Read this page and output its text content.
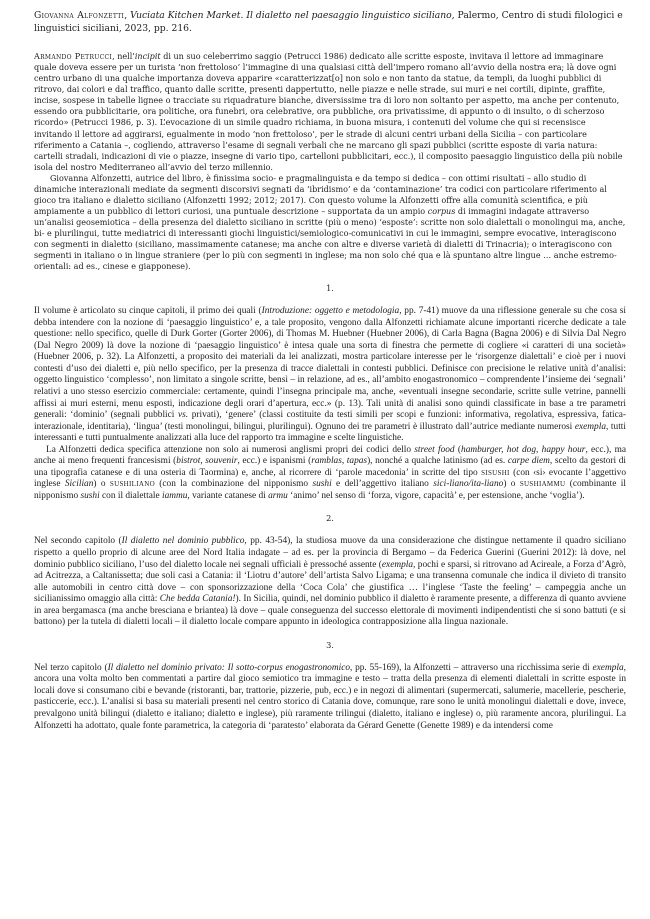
Giovanna Alfonzetti, Vuciata Kitchen Market. Il dialetto nel paesaggio linguistico siciliano, Palermo, Centro di studi filologici e linguistici siciliani, 2023, pp. 216.

Armando Petrucci, nell’incipit di un suo celeberrimo saggio (Petrucci 1986) dedicato alle scritte esposte, invitava il lettore ad immaginare quale doveva essere per un turista ‘non frettoloso’ l’immagine di una qualsiasi città dell’impero romano all’avvio della nostra era; là dove ogni centro urbano di una qualche importanza doveva apparire «caratterizzat[o] non solo e non tanto da statue, da templi, da luoghi pubblici di ritrovo, dai colori e dal traffico, quanto dalle scritte, presenti dappertutto, nelle piazze e nelle strade, sui muri e nei cortili, dipinte, graffite, incise, sospese in tabelle lignee o tracciate su riquadrature bianche, diversissime tra di loro non soltanto per aspetto, ma anche per contenuto, essendo ora pubblicitarie, ora politiche, ora funebri, ora celebrative, ora pubbliche, ora privatissime, di appunto o di insulto, o di scherzoso ricordo» (Petrucci 1986, p. 3). L’evocazione di un simile quadro richiama, in buona misura, i contenuti del volume che qui si recensisce invitando il lettore ad aggirarsi, egualmente in modo ‘non frettoloso’, per le strade di alcuni centri urbani della Sicilia – con particolare riferimento a Catania –, cogliendo, attraverso l’esame di segnali verbali che ne marcano gli spazi pubblici (scritte esposte di varia natura: cartelli stradali, indicazioni di vie o piazze, insegne di vario tipo, cartelloni pubblicitari, ecc.), il composito paesaggio linguistico della più nobile isola del nostro Mediterraneo all’avvio del terzo millennio.

Giovanna Alfonzetti, autrice del libro, è finissima socio- e pragmalinguista e da tempo si dedica – con ottimi risultati – allo studio di dinamiche interazionali mediate da segmenti discorsivi segnati da ‘ibridismo’ e da ‘contaminazione’ tra codici con particolare riferimento al gioco tra italiano e dialetto siciliano (Alfonzetti 1992; 2012; 2017). Con questo volume la Alfonzetti offre alla comunità scientifica, e più ampiamente a un pubblico di lettori curiosi, una puntuale descrizione – supportata da un ampio corpus di immagini indagate attraverso un’analisi geosemiotica – della presenza del dialetto siciliano in scritte (più o meno) ‘esposte’: scritte non solo dialettali o monolingui ma, anche, bi- e plurilingui, tutte mediatrici di interessanti giochi linguistici/semiologico-comunicativi in cui le immagini, sempre evocative, interagiscono con segmenti in dialetto (siciliano, massimamente catanese; ma anche con altre e diverse varietà di dialetti di Trinacria); o interagiscono con segmenti in italiano o in lingue straniere (per lo più con segmenti in inglese; ma non solo ché qua e là spuntano altre lingue … anche estremo-orientali: ad es., cinese e giapponese).

1.

Il volume è articolato su cinque capitoli, il primo dei quali (Introduzione: oggetto e metodologia, pp. 7-41) muove da una riflessione generale su che cosa si debba intendere con la nozione di ‘paesaggio linguistico’ e, a tale proposito, vengono dalla Alfonzetti richiamate alcune importanti ricerche dedicate a tale questione: nello specifico, quelle di Durk Gorter (Gorter 2006), di Thomas M. Huebner (Huebner 2006), di Carla Bagna (Bagna 2006) e di Silvia Dal Negro (Dal Negro 2009) là dove la nozione di ‘paesaggio linguistico’ è intesa quale una sorta di finestra che permette di cogliere «i caratteri di una società» (Huebner 2006, p. 32). La Alfonzetti, a proposito dei materiali da lei analizzati, mostra particolare interesse per le ‘risorgenze dialettali’ e cioè per i nuovi contesti d’uso dei dialetti e, più nello specifico, per la presenza di tracce dialettali in contesti pubblici. Definisce con precisione le relative unità d’analisi: oggetto linguistico ‘complesso’, non limitato a singole scritte, bensì – in relazione, ad es., all’ambito enogastronomico – comprendente l’insieme dei ‘segnali’ relativi a uno stesso esercizio commerciale: certamente, quindi l’insegna principale ma, anche, «eventuali insegne secondarie, scritte sulle vetrine, pannelli affissi ai muri esterni, menu esposti, indicazione degli orari d’apertura, ecc.» (p. 13). Tali unità di analisi sono quindi classificate in base a tre parametri generali: ‘dominio’ (segnali pubblici vs. privati), ‘genere’ (classi costituite da testi simili per scopi e funzioni: informativa, regolativa, espressiva, fatica-interazionale, identitaria), ‘lingua’ (testi monolingui, bilingui, plurilingui). Ognuno dei tre parametri è illustrato dall’autrice mediante numerosi exempla, tutti interessanti e tutti puntualmente analizzati alla luce del rapporto tra immagine e scelte linguistiche.

La Alfonzetti dedica specifica attenzione non solo ai numerosi anglismi propri dei codici dello street food (hamburger, hot dog, happy hour, ecc.), ma anche ai meno frequenti francesismi (bistrot, souvenir, ecc.) e ispanismi (ramblas, tapas), nonché a qualche latinismo (ad es. carpe diem, scelto da gestori di una tipografia catanese e di una osteria di Taormina) e, anche, al ricorrere di ‘parole macedonia’ in scritte del tipo sisushi (con ‹si› evocante l’aggettivo inglese Sicilian) o sushiliano (con la combinazione del nipponismo sushi e dell’aggettivo italiano sici-liano/ita-liano) o sushiammu (combinante il nipponismo sushi con il dialettale iammu, variante catanese di armu ‘animo’ nel senso di ‘forza, vigore, capacità’ e, per estensione, anche ‘voglia’).

2.

Nel secondo capitolo (Il dialetto nel dominio pubblico, pp. 43-54), la studiosa muove da una considerazione che distingue nettamente il quadro siciliano rispetto a quello proprio di alcune aree del Nord Italia indagate – ad es. per la provincia di Bergamo – da Federica Guerini (Guerini 2012): là dove, nel dominio pubblico siciliano, l’uso del dialetto locale nei segnali ufficiali è pressoché assente (exempla, pochi e sparsi, si ritrovano ad Acireale, a Forza d’Agrò, ad Acitrezza, a Caltanissetta; due soli casi a Catania: il ‘Liotru d’autore’ dell’artista Salvo Ligama; e una transenna comunale che indica il divieto di transito alle automobili in centro città dove – con sponsorizzazione della ‘Coca Cola’ che giustifica … l’inglese ‘Taste the feeling’ – campeggia anche un sicilianissimo omaggio alla città: Che bedda Catania!). In Sicilia, quindi, nel dominio pubblico il dialetto è raramente presente, a differenza di quanto avviene in area bergamasca (ma anche bresciana e briantea) là dove – quale conseguenza del successo elettorale di movimenti indipendentisti che si sono battuti (e si battono) per la tutela di dialetti locali – il dialetto locale compare appunto in ideologica contrapposizione alla lingua nazionale.

3.

Nel terzo capitolo (Il dialetto nel dominio privato: Il sotto-corpus enogastronomico, pp. 55-169), la Alfonzetti – attraverso una ricchissima serie di exempla, ancora una volta molto ben commentati a partire dal gioco semiotico tra immagine e testo – tratta della presenza di elementi dialettali in scritte esposte in locali dove si consumano cibi e bevande (ristoranti, bar, trattorie, pizzerie, pub, ecc.) e in negozi di alimentari (supermercati, salumerie, macellerie, pescherie, pasticcerie, ecc.). L’analisi si basa su materiali presenti nel centro storico di Catania dove, comunque, rare sono le unità monolingui dialettali e dove, invece, prevalgono unità bilingui (dialetto e italiano; dialetto e inglese), più raramente trilingui (dialetto, italiano e inglese) o, più raramente ancora, plurilingui. La Alfonzetti ha adottato, quale fonte parametrica, la categoria di ‘paratesto’ elaborata da Gérard Genette (Genette 1989) e da intendersi come
